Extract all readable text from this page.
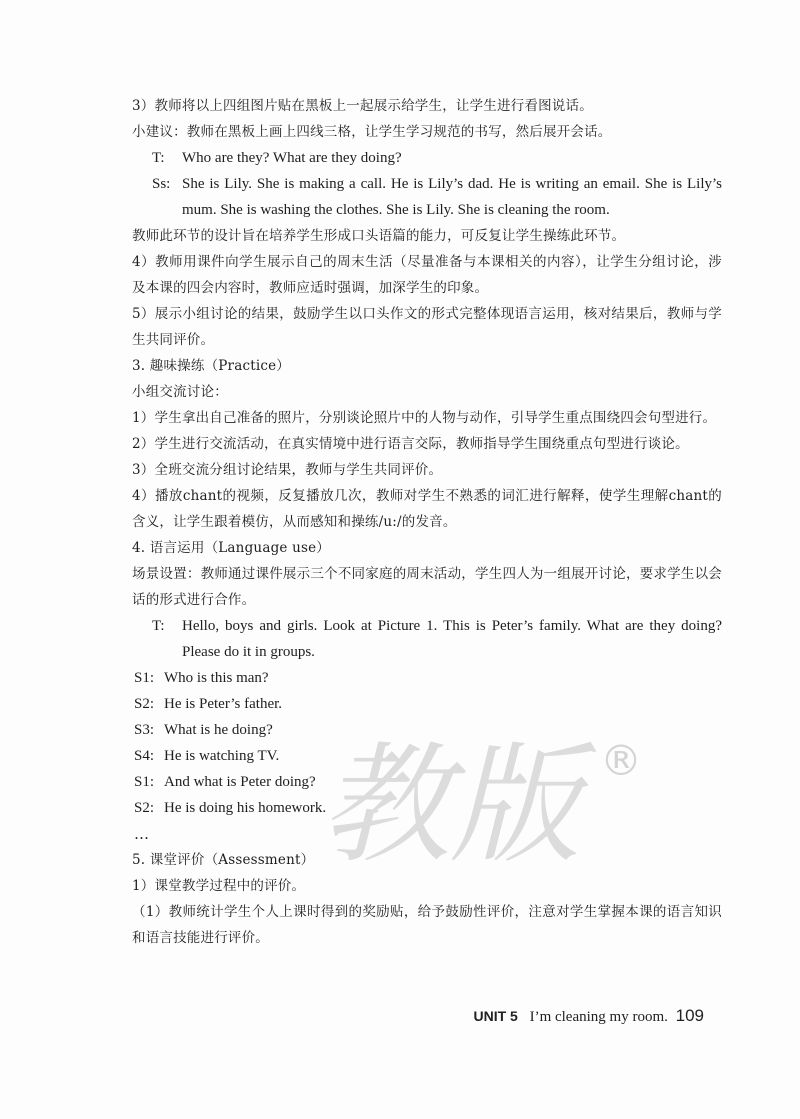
教版 ®

3）教师将以上四组图片贴在黑板上一起展示给学生，让学生进行看图说话。

小建议：教师在黑板上画上四线三格，让学生学习规范的书写，然后展开会话。

T:	Who are they? What are they doing?
Ss: She is Lily. She is making a call. He is Lily’s dad. He is writing an email. She is Lily’s mum. She is washing the clothes. She is Lily. She is cleaning the room.

教师此环节的设计旨在培养学生形成口头语篇的能力，可反复让学生操练此环节。

4）教师用课件向学生展示自己的周末生活（尽量准备与本课相关的内容），让学生分组讨论，涉及本课的四会内容时，教师应适时强调，加深学生的印象。

5）展示小组讨论的结果，鼓励学生以口头作文的形式完整体现语言运用，核对结果后，教师与学生共同评价。

3. 趣味操练（Practice）

小组交流讨论：

1）学生拿出自己准备的照片，分别谈论照片中的人物与动作，引导学生重点围绕四会句型进行。

2）学生进行交流活动，在真实情境中进行语言交际，教师指导学生围绕重点句型进行谈论。

3）全班交流分组讨论结果，教师与学生共同评价。

4）播放chant的视频，反复播放几次，教师对学生不熟悉的词汇进行解释，使学生理解chant的含义，让学生跟着模仿，从而感知和操练/u:/的发音。

4. 语言运用（Language use）

场景设置：教师通过课件展示三个不同家庭的周末活动，学生四人为一组展开讨论，要求学生以会话的形式进行合作。

T:	Hello, boys and girls. Look at Picture 1. This is Peter’s family. What are they doing? Please do it in groups.
S1: Who is this man?
S2: He is Peter’s father.
S3: What is he doing?
S4: He is watching TV.
S1: And what is Peter doing?
S2: He is doing his homework.

…

5. 课堂评价（Assessment）

1）课堂教学过程中的评价。

（1）教师统计学生个人上课时得到的奖励贴，给予鼓励性评价，注意对学生掌握本课的语言知识和语言技能进行评价。

UNIT 5 I’m cleaning my room. 109
